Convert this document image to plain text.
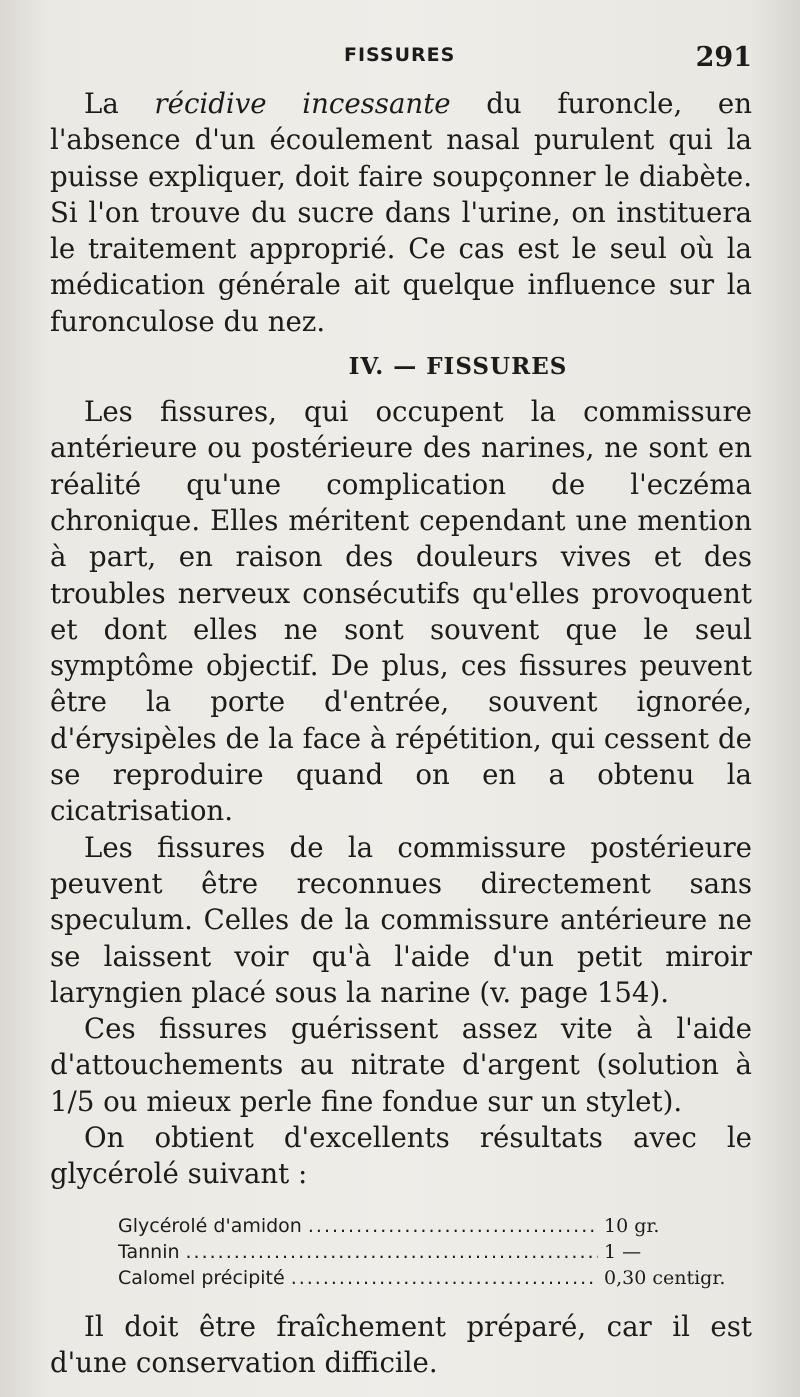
FISSURES	291

La récidive incessante du furoncle, en l'absence d'un écoulement nasal purulent qui la puisse expliquer, doit faire soupçonner le diabète. Si l'on trouve du sucre dans l'urine, on instituera le traitement approprié. Ce cas est le seul où la médication générale ait quelque influence sur la furonculose du nez.

IV. — FISSURES

Les fissures, qui occupent la commissure antérieure ou postérieure des narines, ne sont en réalité qu'une complication de l'eczéma chronique. Elles méritent cependant une mention à part, en raison des douleurs vives et des troubles nerveux consécutifs qu'elles provoquent et dont elles ne sont souvent que le seul symptôme objectif. De plus, ces fissures peuvent être la porte d'entrée, souvent ignorée, d'érysipèles de la face à répétition, qui cessent de se reproduire quand on en a obtenu la cicatrisation.

Les fissures de la commissure postérieure peuvent être reconnues directement sans speculum. Celles de la commissure antérieure ne se laissent voir qu'à l'aide d'un petit miroir laryngien placé sous la narine (v. page 154).

Ces fissures guérissent assez vite à l'aide d'attouchements au nitrate d'argent (solution à 1/5 ou mieux perle fine fondue sur un stylet).

On obtient d'excellents résultats avec le glycérolé suivant :

Glycérolé d'amidon .....	10 gr.
Tannin .....	1 —
Calomel précipité .....	0,30 centigr.

Il doit être fraîchement préparé, car il est d'une conservation difficile.
